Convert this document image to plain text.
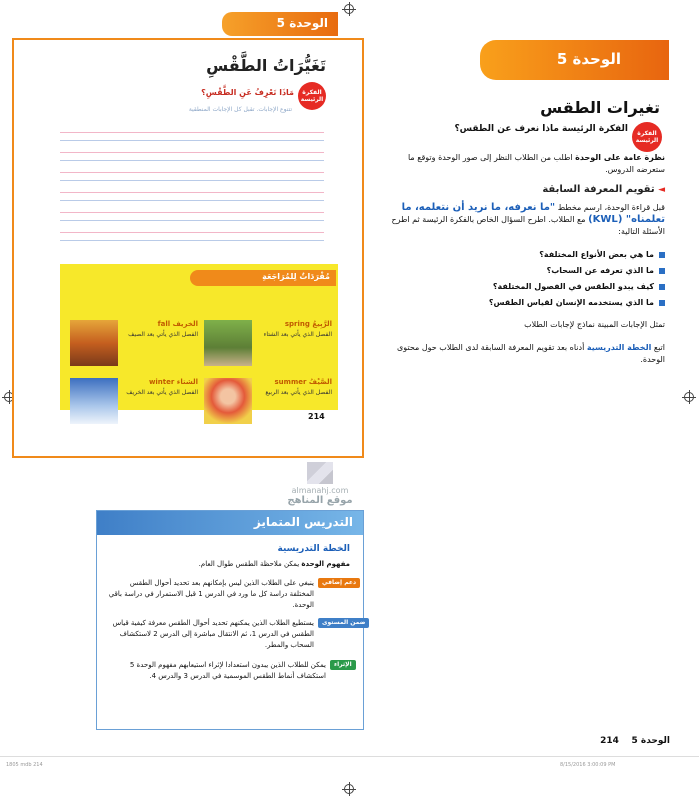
الوحدة 5
تَغَيُّرَاتُ الطَّقْسِ
الفكرة الرئيسة
مَاذَا نَعْرِفُ عَنِ الطَّقْسِ؟
تتنوع الإجابات. تقبل كل الإجابات المنطقية
مُفْرَدَاتٌ لِلمُرَاجَعَةِ
الرَّبِيعُ spring
الفصل الذي يأتي بعد الشتاء
الخريف fall
الفصل الذي يأتي بعد الصيف
الصَّيْفُ summer
الفصل الذي يأتي بعد الربيع
الشتاء winter
الفصل الذي يأتي بعد الخريف
214
الوحدة 5
تغيرات الطقس
الفكرة الرئيسة
الفكرة الرئيسة ماذا نعرف عن الطقس؟
نظرة عامة على الوحدة اطلب من الطلاب النظر إلى صور الوحدة وتوقع ما ستعرضه الدروس.
◄ تقويم المعرفة السابقة
قبل قراءة الوحدة، ارسم مخطط "ما نعرفه، ما نريد أن نتعلمه، ما تعلمناه" (KWL) مع الطلاب. اطرح السؤال الخاص بالفكرة الرئيسة ثم اطرح الأسئلة التالية:
ما هي بعض الأنواع المختلفة؟
ما الذي تعرفه عن السحاب؟
كيف يبدو الطقس في الفصول المختلفة؟
ما الذي يستخدمه الإنسان لقياس الطقس؟
تمثل الإجابات المبينة نماذج لإجابات الطلاب
اتبع الخطة التدريسية أدناه بعد تقويم المعرفة السابقة لدى الطلاب حول محتوى الوحدة.
almanahj.com
موقع المناهج
التدريس المتمايز
الخطة التدريسية
مفهوم الوحدة يمكن ملاحظة الطقس طوال العام.
دعم إضافي
ينبغي على الطلاب الذين ليس بإمكانهم بعد تحديد أحوال الطقس المختلفة دراسة كل ما ورد في الدرس 1 قبل الاستمرار في دراسة باقي الوحدة.
ضمن المستوى
يستطيع الطلاب الذين يمكنهم تحديد أحوال الطقس معرفة كيفية قياس الطقس في الدرس 1، ثم الانتقال مباشرة إلى الدرس 2 لاستكشاف السحاب والمطر.
الإثراء
يمكن للطلاب الذين يبدون استعدادا لإثراء استيعابهم مفهوم الوحدة 5 استكشاف أنماط الطقس الموسمية في الدرس 3 والدرس 4.
الوحدة 5    214
1805 mdb 214	8/15/2016 3:00:09 PM
